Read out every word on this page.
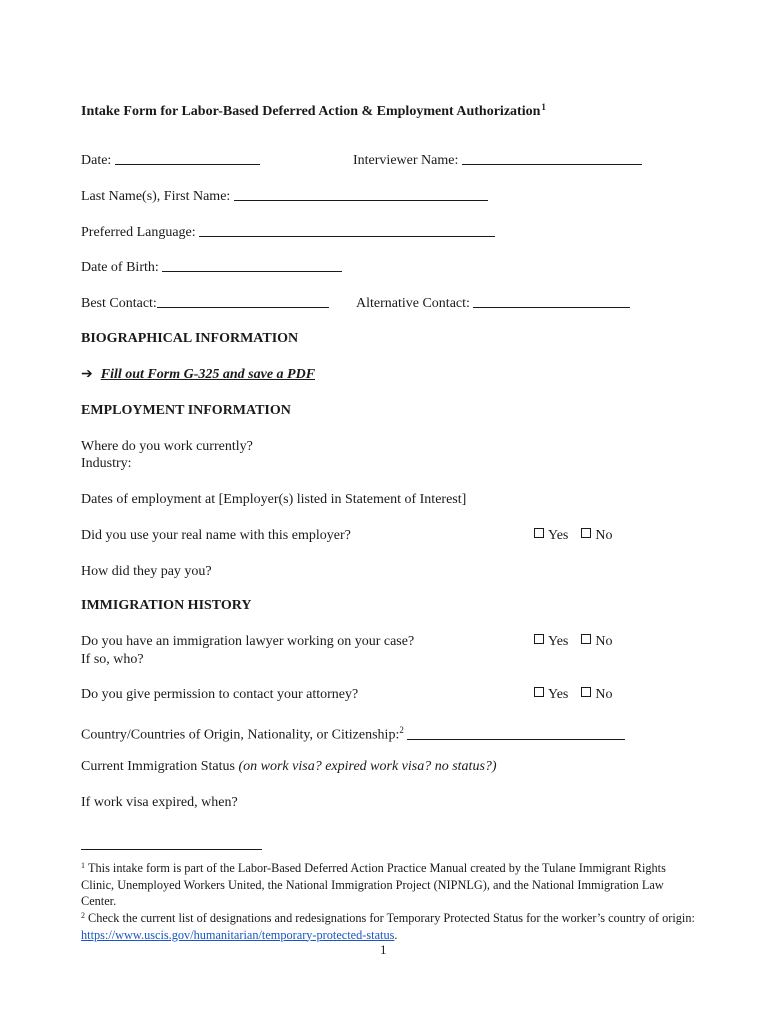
Intake Form for Labor-Based Deferred Action & Employment Authorization$^1$
Date:	Interviewer Name:
Last Name(s), First Name:
Preferred Language:
Date of Birth:
Best Contact:	Alternative Contact:
BIOGRAPHICAL INFORMATION
➔ Fill out Form G-325 and save a PDF
EMPLOYMENT INFORMATION
Where do you work currently?
Industry:
Dates of employment at [Employer(s) listed in Statement of Interest]
Did you use your real name with this employer?	Yes No
How did they pay you?
IMMIGRATION HISTORY
Do you have an immigration lawyer working on your case?	Yes No
If so, who?
Do you give permission to contact your attorney?	Yes No
Country/Countries of Origin, Nationality, or Citizenship:$^2$
Current Immigration Status (on work visa? expired work visa? no status?)
If work visa expired, when?
$^1$ This intake form is part of the Labor-Based Deferred Action Practice Manual created by the Tulane Immigrant Rights Clinic, Unemployed Workers United, the National Immigration Project (NIPNLG), and the National Immigration Law Center.
$^2$ Check the current list of designations and redesignations for Temporary Protected Status for the worker’s country of origin: https://www.uscis.gov/humanitarian/temporary-protected-status.
1
